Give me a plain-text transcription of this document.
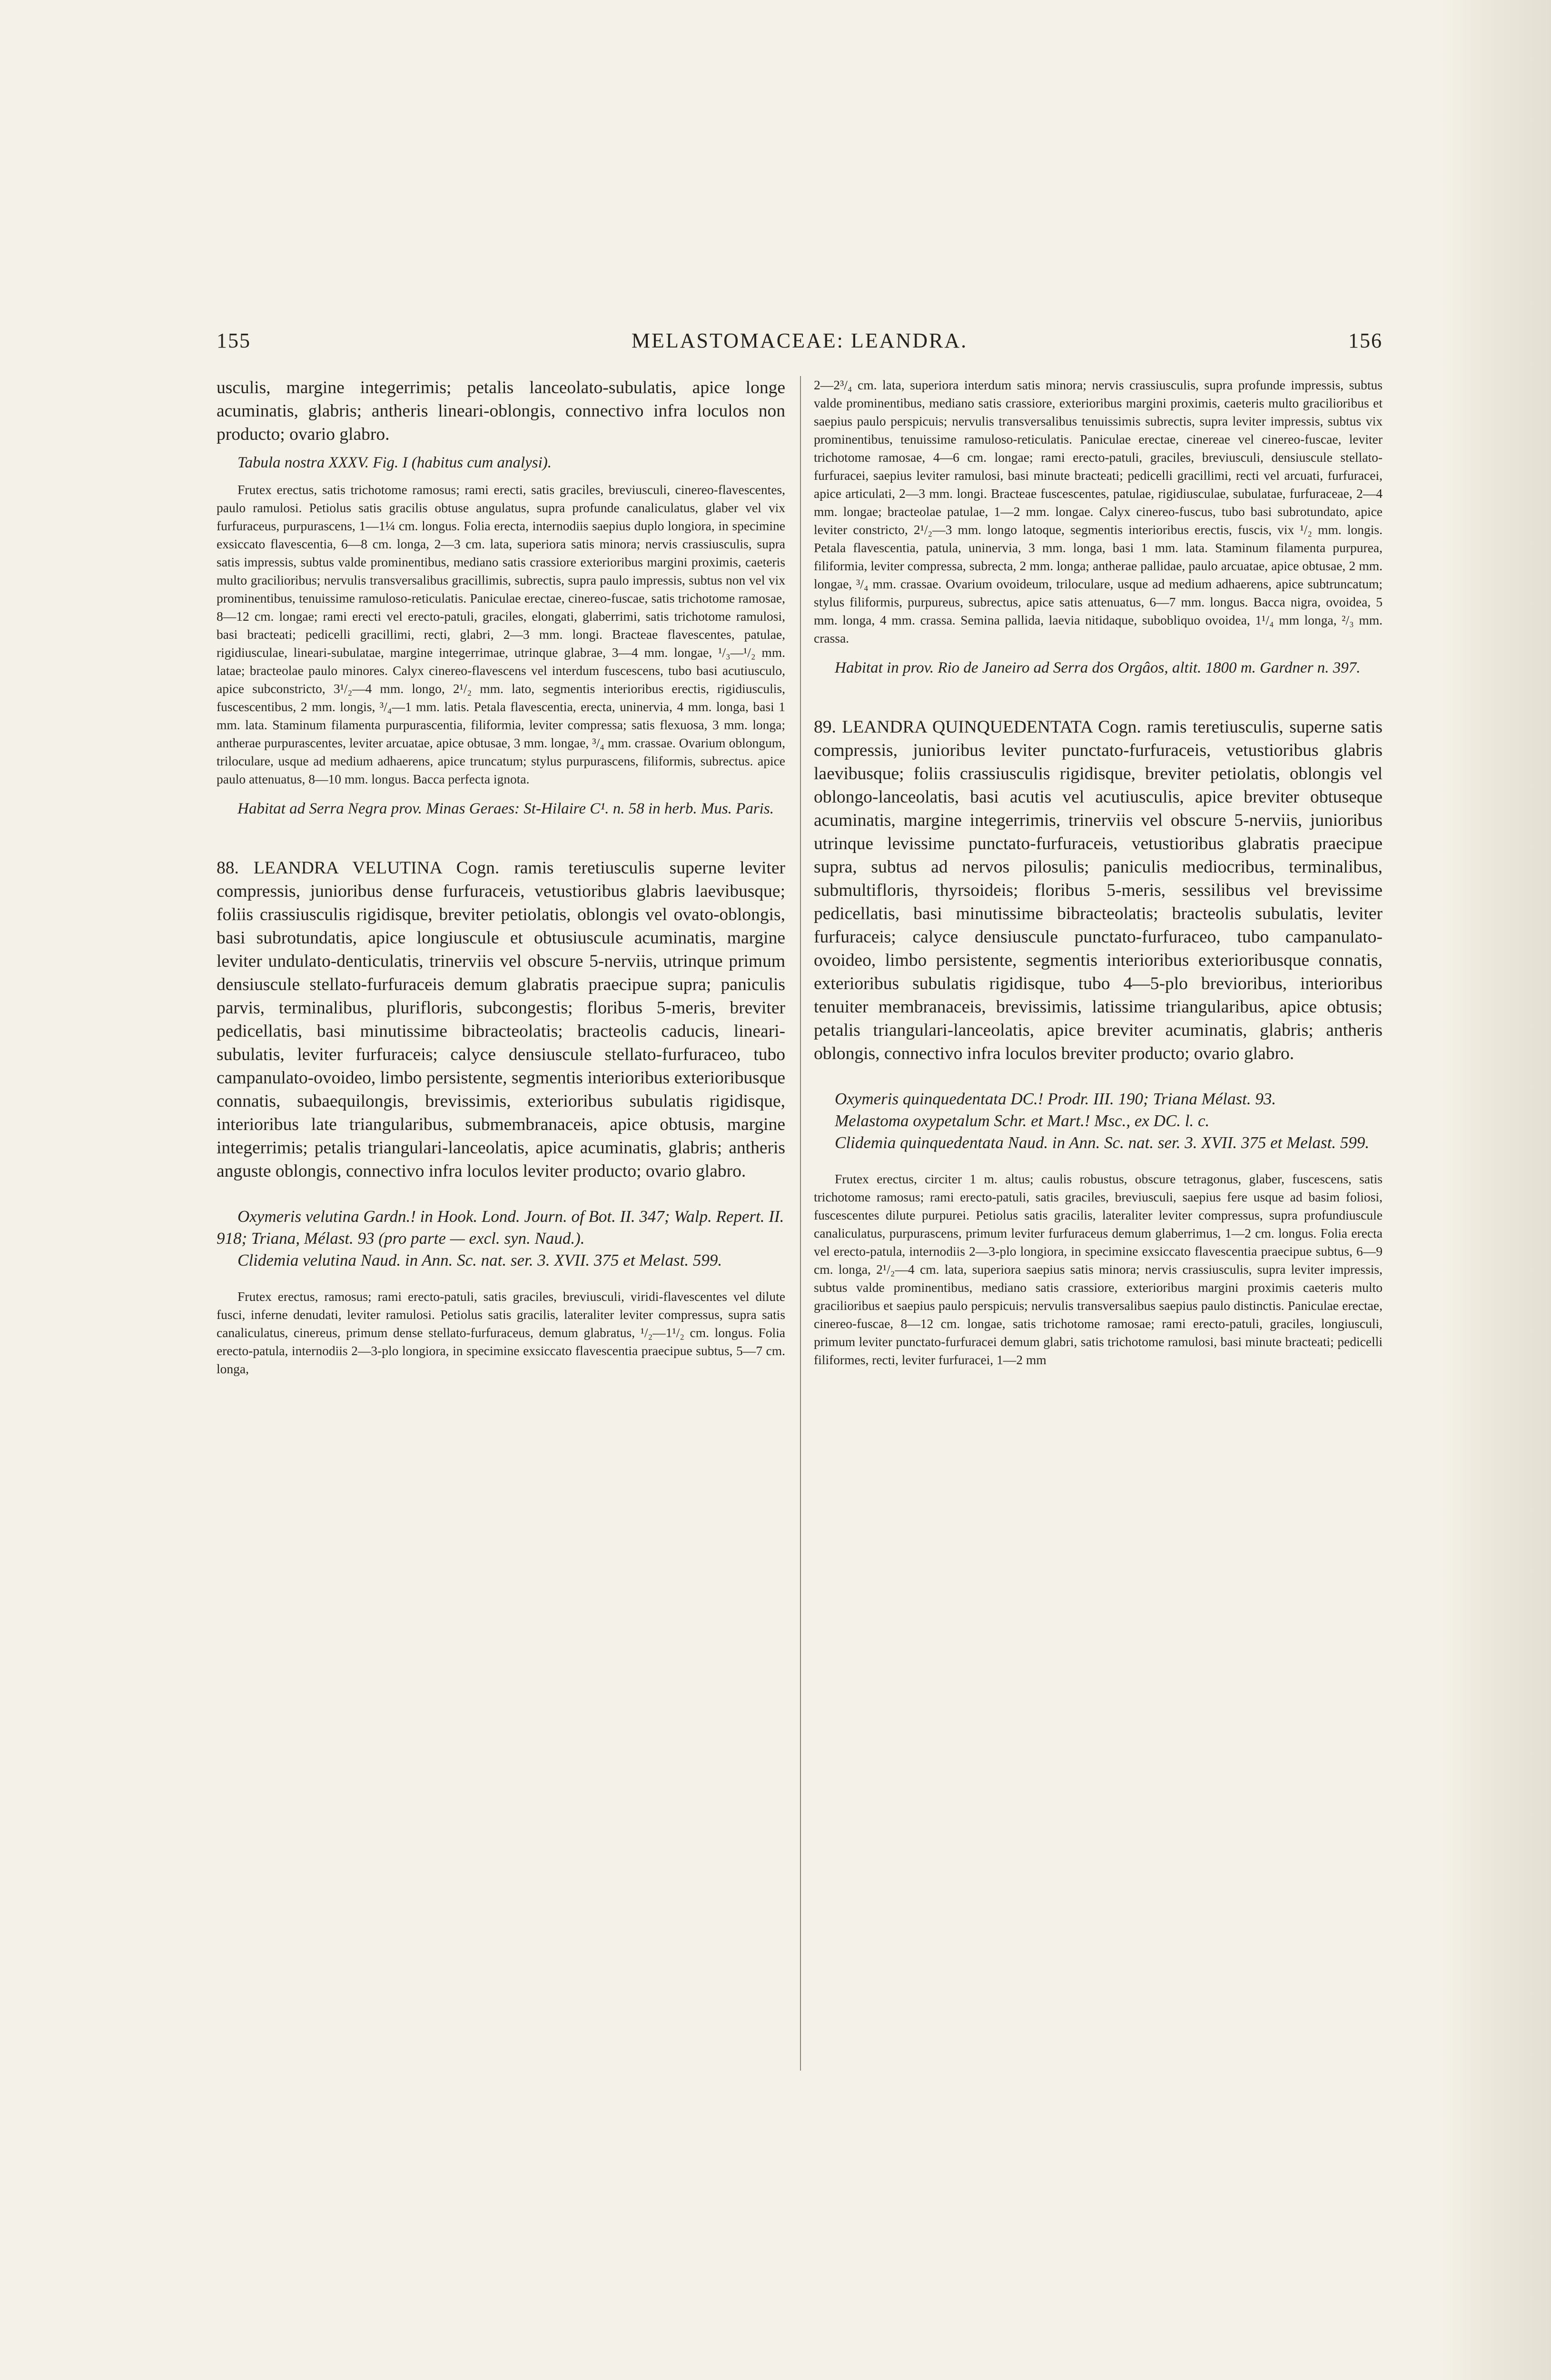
155	MELASTOMACEAE: LEANDRA.	156

usculis, margine integerrimis; petalis lanceolato-subulatis, apice longe acuminatis, glabris; antheris lineari-oblongis, connectivo infra loculos non producto; ovario glabro.

Tabula nostra XXXV. Fig. I (habitus cum analysi).

Frutex erectus, satis trichotome ramosus; rami erecti, satis graciles, breviusculi, cinereo-flavescentes, paulo ramulosi. Petiolus satis gracilis obtuse angulatus, supra profunde canaliculatus, glaber vel vix furfuraceus, purpurascens, 1—1¼ cm. longus. Folia erecta, internodiis saepius duplo longiora, in specimine exsiccato flavescentia, 6—8 cm. longa, 2—3 cm. lata, superiora satis minora; nervis crassiusculis, supra satis impressis, subtus valde prominentibus, mediano satis crassiore exterioribus margini proximis, caeteris multo gracilioribus; nervulis transversalibus gracillimis, subrectis, supra paulo impressis, subtus non vel vix prominentibus, tenuissime ramuloso-reticulatis. Paniculae erectae, cinereo-fuscae, satis trichotome ramosae, 8—12 cm. longae; rami erecti vel erecto-patuli, graciles, elongati, glaberrimi, satis trichotome ramulosi, basi bracteati; pedicelli gracillimi, recti, glabri, 2—3 mm. longi. Bracteae flavescentes, patulae, rigidiusculae, lineari-subulatae, margine integerrimae, utrinque glabrae, 3—4 mm. longae, ¹/₃—¹/₂ mm. latae; bracteolae paulo minores. Calyx cinereo-flavescens vel interdum fuscescens, tubo basi acutiusculo, apice subconstricto, 3¹/₂—4 mm. longo, 2¹/₂ mm. lato, segmentis interioribus erectis, rigidiusculis, fuscescentibus, 2 mm. longis, ³/₄—1 mm. latis. Petala flavescentia, erecta, uninervia, 4 mm. longa, basi 1 mm. lata. Staminum filamenta purpurascentia, filiformia, leviter compressa; satis flexuosa, 3 mm. longa; antherae purpurascentes, leviter arcuatae, apice obtusae, 3 mm. longae, ³/₄ mm. crassae. Ovarium oblongum, triloculare, usque ad medium adhaerens, apice truncatum; stylus purpurascens, filiformis, subrectus. apice paulo attenuatus, 8—10 mm. longus. Bacca perfecta ignota.

Habitat ad Serra Negra prov. Minas Geraes: St-Hilaire C¹. n. 58 in herb. Mus. Paris.

88. LEANDRA VELUTINA Cogn. ramis teretiusculis superne leviter compressis, junioribus dense furfuraceis, vetustioribus glabris laevibusque; foliis crassiusculis rigidisque, breviter petiolatis, oblongis vel ovato-oblongis, basi subrotundatis, apice longiuscule et obtusiuscule acuminatis, margine leviter undulato-denticulatis, trinerviis vel obscure 5-nerviis, utrinque primum densiuscule stellato-furfuraceis demum glabratis praecipue supra; paniculis parvis, terminalibus, plurifloris, subcongestis; floribus 5-meris, breviter pedicellatis, basi minutissime bibracteolatis; bracteolis caducis, lineari-subulatis, leviter furfuraceis; calyce densiuscule stellato-furfuraceo, tubo campanulato-ovoideo, limbo persistente, segmentis interioribus exterioribusque connatis, subaequilongis, brevissimis, exterioribus subulatis rigidisque, interioribus late triangularibus, submembranaceis, apice obtusis, margine integerrimis; petalis triangulari-lanceolatis, apice acuminatis, glabris; antheris anguste oblongis, connectivo infra loculos leviter producto; ovario glabro.

Oxymeris velutina Gardn.! in Hook. Lond. Journ. of Bot. II. 347; Walp. Repert. II. 918; Triana, Mélast. 93 (pro parte — excl. syn. Naud.).

Clidemia velutina Naud. in Ann. Sc. nat. ser. 3. XVII. 375 et Melast. 599.

Frutex erectus, ramosus; rami erecto-patuli, satis graciles, breviusculi, viridi-flavescentes vel dilute fusci, inferne denudati, leviter ramulosi. Petiolus satis gracilis, lateraliter leviter compressus, supra satis canaliculatus, cinereus, primum dense stellato-furfuraceus, demum glabratus, ¹/₂—1¹/₂ cm. longus. Folia erecto-patula, internodiis 2—3-plo longiora, in specimine exsiccato flavescentia praecipue subtus, 5—7 cm. longa,

2—2³/₄ cm. lata, superiora interdum satis minora; nervis crassiusculis, supra profunde impressis, subtus valde prominentibus, mediano satis crassiore, exterioribus margini proximis, caeteris multo gracilioribus et saepius paulo perspicuis; nervulis transversalibus tenuissimis subrectis, supra leviter impressis, subtus vix prominentibus, tenuissime ramuloso-reticulatis. Paniculae erectae, cinereae vel cinereo-fuscae, leviter trichotome ramosae, 4—6 cm. longae; rami erecto-patuli, graciles, breviusculi, densiuscule stellato-furfuracei, saepius leviter ramulosi, basi minute bracteati; pedicelli gracillimi, recti vel arcuati, furfuracei, apice articulati, 2—3 mm. longi. Bracteae fuscescentes, patulae, rigidiusculae, subulatae, furfuraceae, 2—4 mm. longae; bracteolae patulae, 1—2 mm. longae. Calyx cinereo-fuscus, tubo basi subrotundato, apice leviter constricto, 2¹/₂—3 mm. longo latoque, segmentis interioribus erectis, fuscis, vix ¹/₂ mm. longis. Petala flavescentia, patula, uninervia, 3 mm. longa, basi 1 mm. lata. Staminum filamenta purpurea, filiformia, leviter compressa, subrecta, 2 mm. longa; antherae pallidae, paulo arcuatae, apice obtusae, 2 mm. longae, ³/₄ mm. crassae. Ovarium ovoideum, triloculare, usque ad medium adhaerens, apice subtruncatum; stylus filiformis, purpureus, subrectus, apice satis attenuatus, 6—7 mm. longus. Bacca nigra, ovoidea, 5 mm. longa, 4 mm. crassa. Semina pallida, laevia nitidaque, subobliquo ovoidea, 1¹/₄ mm longa, ²/₃ mm. crassa.

Habitat in prov. Rio de Janeiro ad Serra dos Orgâos, altit. 1800 m. Gardner n. 397.

89. LEANDRA QUINQUEDENTATA Cogn. ramis teretiusculis, superne satis compressis, junioribus leviter punctato-furfuraceis, vetustioribus glabris laevibusque; foliis crassiusculis rigidisque, breviter petiolatis, oblongis vel oblongo-lanceolatis, basi acutis vel acutiusculis, apice breviter obtuseque acuminatis, margine integerrimis, trinerviis vel obscure 5-nerviis, junioribus utrinque levissime punctato-furfuraceis, vetustioribus glabratis praecipue supra, subtus ad nervos pilosulis; paniculis mediocribus, terminalibus, submultifloris, thyrsoideis; floribus 5-meris, sessilibus vel brevissime pedicellatis, basi minutissime bibracteolatis; bracteolis subulatis, leviter furfuraceis; calyce densiuscule punctato-furfuraceo, tubo campanulato-ovoideo, limbo persistente, segmentis interioribus exterioribusque connatis, exterioribus subulatis rigidisque, tubo 4—5-plo brevioribus, interioribus tenuiter membranaceis, brevissimis, latissime triangularibus, apice obtusis; petalis triangulari-lanceolatis, apice breviter acuminatis, glabris; antheris oblongis, connectivo infra loculos breviter producto; ovario glabro.

Oxymeris quinquedentata DC.! Prodr. III. 190; Triana Mélast. 93.

Melastoma oxypetalum Schr. et Mart.! Msc., ex DC. l. c.

Clidemia quinquedentata Naud. in Ann. Sc. nat. ser. 3. XVII. 375 et Melast. 599.

Frutex erectus, circiter 1 m. altus; caulis robustus, obscure tetragonus, glaber, fuscescens, satis trichotome ramosus; rami erecto-patuli, satis graciles, breviusculi, saepius fere usque ad basim foliosi, fuscescentes dilute purpurei. Petiolus satis gracilis, lateraliter leviter compressus, supra profundiuscule canaliculatus, purpurascens, primum leviter furfuraceus demum glaberrimus, 1—2 cm. longus. Folia erecta vel erecto-patula, internodiis 2—3-plo longiora, in specimine exsiccato flavescentia praecipue subtus, 6—9 cm. longa, 2¹/₂—4 cm. lata, superiora saepius satis minora; nervis crassiusculis, supra leviter impressis, subtus valde prominentibus, mediano satis crassiore, exterioribus margini proximis caeteris multo gracilioribus et saepius paulo perspicuis; nervulis transversalibus saepius paulo distinctis. Paniculae erectae, cinereo-fuscae, 8—12 cm. longae, satis trichotome ramosae; rami erecto-patuli, graciles, longiusculi, primum leviter punctato-furfuracei demum glabri, satis trichotome ramulosi, basi minute bracteati; pedicelli filiformes, recti, leviter furfuracei, 1—2 mm
